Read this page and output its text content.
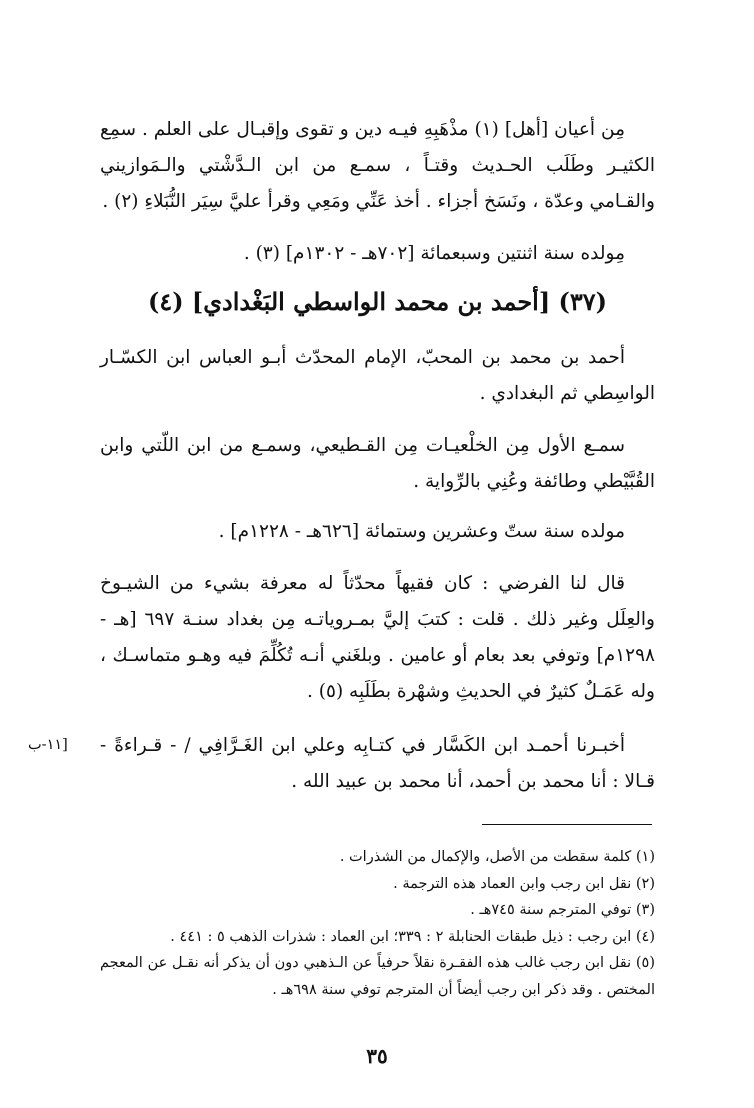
مِن أعيان [أهل] (١) مذْهَبِهِ فيـه دين و تقوى وإقبـال على العلم . سمِع الكثيـر وطَلَب الحـديث وقتـاً ، سمـع من ابن الـدَّشْتي والـمَوازيني والقـامي وعدّة ، ونَسَخ أجزاء . أخذ عَنِّي ومَعِي وقرأ عليَّ سِيَر النُّبَلاءِ (٢) .

مِولده سنة اثنتين وسبعمائة [٧٠٢هـ - ١٣٠٢م] (٣) .

(٣٧) [أحمد بن محمد الواسطي البَغْدادي] (٤)

أحمد بن محمد بن المحبّ، الإمام المحدّث أبـو العباس ابن الكسّـار الواسِطي ثم البغدادي .

سمـع الأول مِن الخلْعيـات مِن القـطيعي، وسمـع من ابن اللّتي وابن القُبَّيْطي وطائفة وعُنِي بالرِّواية .

مولده سنة ستّ وعشرين وستمائة [٦٢٦هـ - ١٢٢٨م] .

قال لنا الفرضي : كان فقيهاً محدّثاً له معرفة بشيء من الشيـوخ والعِلَل وغير ذلك . قلت : كتبَ إليَّ بمـروياتـه مِن بغداد سنـة ٦٩٧ [هـ - ١٢٩٨م] وتوفي بعد بعام أو عامين . وبلغَني أنـه تُكُلِّمَ فيه وهـو متماسـك ، وله عَمَـلٌ كثيرٌ في الحديثِ وشهْرة بطَلَبِه (٥) .

أخبـرنا أحمـد ابن الكَسَّار في كتـابِه وعلي ابن الغَـرَّافِي / - قـراءةً - قـالا : أنا محمد بن أحمد، أنا محمد بن عبيد الله .

[١١-ب
(١) كلمة سقطت من الأصل، والإكمال من الشذرات .
(٢) نقل ابن رجب وابن العماد هذه الترجمة .
(٣) توفي المترجم سنة ٧٤٥هـ .
(٤) ابن رجب : ذيل طبقات الحنابلة ٢ : ٣٣٩؛ ابن العماد : شذرات الذهب ٥ : ٤٤١ .
(٥) نقل ابن رجب غالب هذه الفقـرة نقلاً حرفياً عن الـذهبي دون أن يذكر أنه نقـل عن المعجم المختص . وقد ذكر ابن رجب أيضاً أن المترجم توفي سنة ٦٩٨هـ .
٣٥
